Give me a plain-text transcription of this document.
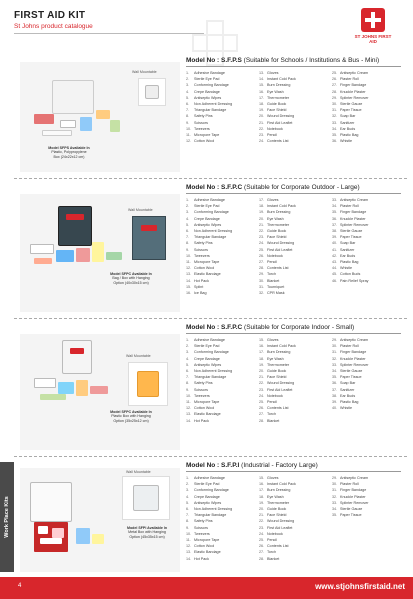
FIRST AID KIT
St Johns product catalogue
ST JOHNS FIRST AID
Wall Mountable
Model SFPS Available In
Plastic, Polypropylene
Box (24x22x12 cm)
Model No : S.F.P.S (Suitable for Schools / Institutions & Bus - Mini)
1. Adhesive Bandage
2. Sterile Eye Pad
3. Conforming Bandage
4. Crepe Bandage
5. Antiseptic Wipes
6. Non Adherent Dressing
7. Triangular Bandage
8. Safety Pins
9. Scissors
10. Tweezers
11. Micropore Tape
12. Cotton Wool
13. Gloves
14. Instant Cold Pack
15. Burn Dressing
16. Eye Wash
17. Thermometer
18. Guide Book
19. Face Shield
20. Wound Dressing
21. First Aid Leaflet
22. Notebook
23. Pencil
24. Contents List
25. Antiseptic Cream
26. Plaster Roll
27. Finger Bandage
28. Knuckle Plaster
29. Splinter Remover
30. Sterile Gauze
31. Paper Tissue
32. Soap Bar
33. Sanitizer
34. Ear Buds
35. Plastic Bag
36. Whistle
Wall Mountable
Model SFPC Available In
Bag / Box with Hanging
Option (40x30x15 cm)
Model No : S.F.P.C (Suitable for Corporate Outdoor - Large)
1. Adhesive Bandage
2. Sterile Eye Pad
3. Conforming Bandage
4. Crepe Bandage
5. Antiseptic Wipes
6. Non Adherent Dressing
7. Triangular Bandage
8. Safety Pins
9. Scissors
10. Tweezers
11. Micropore Tape
12. Cotton Wool
13. Elastic Bandage
14. Hot Pack
15. Splint
16. Ice Bag
17. Gloves
18. Instant Cold Pack
19. Burn Dressing
20. Eye Wash
21. Thermometer
22. Guide Book
23. Face Shield
24. Wound Dressing
25. First Aid Leaflet
26. Notebook
27. Pencil
28. Contents List
29. Torch
30. Blanket
31. Tourniquet
32. CPR Mask
33. Antiseptic Cream
34. Plaster Roll
35. Finger Bandage
36. Knuckle Plaster
37. Splinter Remover
38. Sterile Gauze
39. Paper Tissue
40. Soap Bar
41. Sanitizer
42. Ear Buds
43. Plastic Bag
44. Whistle
45. Cotton Buds
46. Pain Relief Spray
Wall Mountable
Model SFPC Available In
Plastic Box with Hanging
Option (35x25x12 cm)
Model No : S.F.P.C (Suitable for Corporate Indoor - Small)
1. Adhesive Bandage
2. Sterile Eye Pad
3. Conforming Bandage
4. Crepe Bandage
5. Antiseptic Wipes
6. Non Adherent Dressing
7. Triangular Bandage
8. Safety Pins
9. Scissors
10. Tweezers
11. Micropore Tape
12. Cotton Wool
13. Elastic Bandage
14. Hot Pack
15. Gloves
16. Instant Cold Pack
17. Burn Dressing
18. Eye Wash
19. Thermometer
20. Guide Book
21. Face Shield
22. Wound Dressing
23. First Aid Leaflet
24. Notebook
25. Pencil
26. Contents List
27. Torch
28. Blanket
29. Antiseptic Cream
30. Plaster Roll
31. Finger Bandage
32. Knuckle Plaster
33. Splinter Remover
34. Sterile Gauze
35. Paper Tissue
36. Soap Bar
37. Sanitizer
38. Ear Buds
39. Plastic Bag
40. Whistle
Wall Mountable
Model SFPI Available In
Metal Box with Hanging
Option (45x35x15 cm)
Model No : S.F.P.I (Industrial - Factory Large)
1. Adhesive Bandage
2. Sterile Eye Pad
3. Conforming Bandage
4. Crepe Bandage
5. Antiseptic Wipes
6. Non Adherent Dressing
7. Triangular Bandage
8. Safety Pins
9. Scissors
10. Tweezers
11. Micropore Tape
12. Cotton Wool
13. Elastic Bandage
14. Hot Pack
15. Gloves
16. Instant Cold Pack
17. Burn Dressing
18. Eye Wash
19. Thermometer
20. Guide Book
21. Face Shield
22. Wound Dressing
23. First Aid Leaflet
24. Notebook
25. Pencil
26. Contents List
27. Torch
28. Blanket
29. Antiseptic Cream
30. Plaster Roll
31. Finger Bandage
32. Knuckle Plaster
33. Splinter Remover
34. Sterile Gauze
35. Paper Tissue
Work Place Kits
4	www.stjohnsfirstaid.net
